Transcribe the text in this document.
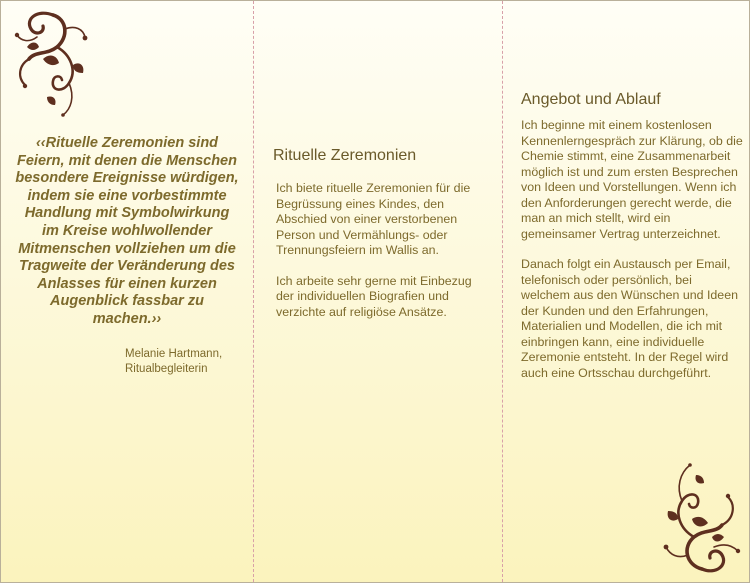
‹‹Rituelle Zeremonien sind Feiern, mit denen die Menschen besondere Ereignisse würdigen, indem sie eine vorbestimmte Handlung mit Symbolwirkung im Kreise wohlwollender Mitmenschen vollziehen um die Tragweite der Veränderung des Anlasses für einen kurzen Augenblick fassbar zu machen.››

Melanie Hartmann,
Ritualbegleiterin
Rituelle Zeremonien

Ich biete rituelle Zeremonien für die Begrüssung eines Kindes, den Abschied von einer verstorbenen Person und Vermählungs- oder Trennungsfeiern im Wallis an.

Ich arbeite sehr gerne mit Einbezug der individuellen Biografien und verzichte auf religiöse Ansätze.

Angebot und Ablauf

Ich beginne mit einem kostenlosen Kennenlerngespräch zur Klärung, ob die Chemie stimmt, eine Zusammenarbeit möglich ist und zum ersten Besprechen von Ideen und Vorstellungen. Wenn ich den Anforderungen gerecht werde, die man an mich stellt, wird ein gemeinsamer Vertrag unterzeichnet.

Danach folgt ein Austausch per Email, telefonisch oder persönlich, bei welchem aus den Wünschen und Ideen der Kunden und den Erfahrungen, Materialien und Modellen, die ich mit einbringen kann, eine individuelle Zeremonie entsteht. In der Regel wird auch eine Ortsschau durchgeführt.
